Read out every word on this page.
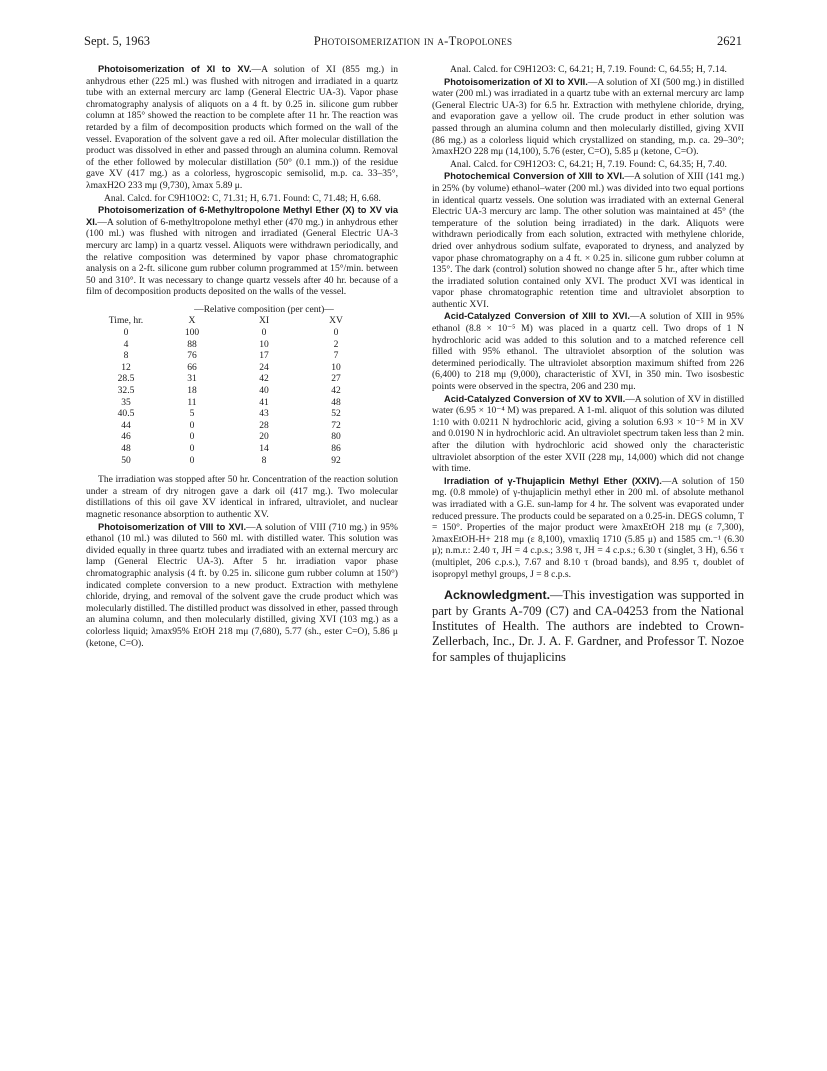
Sept. 5, 1963	Photoisomerization in α-Tropolones	2621

Photoisomerization of XI to XV.—A solution of XI (855 mg.) in anhydrous ether (225 ml.) was flushed with nitrogen and irradiated in a quartz tube with an external mercury arc lamp (General Electric UA-3). Vapor phase chromatography analysis of aliquots on a 4 ft. by 0.25 in. silicone gum rubber column at 185° showed the reaction to be complete after 11 hr. The reaction was retarded by a film of decomposition products which formed on the wall of the vessel. Evaporation of the solvent gave a red oil. After molecular distillation the product was dissolved in ether and passed through an alumina column. Removal of the ether followed by molecular distillation (50° (0.1 mm.)) of the residue gave XV (417 mg.) as a colorless, hygroscopic semisolid, m.p. ca. 33–35°, λmaxH2O 233 mμ (9,730), λmax 5.89 μ.

Anal. Calcd. for C9H10O2: C, 71.31; H, 6.71. Found: C, 71.48; H, 6.68.

Photoisomerization of 6-Methyltropolone Methyl Ether (X) to XV via XI.—A solution of 6-methyltropolone methyl ether (470 mg.) in anhydrous ether (100 ml.) was flushed with nitrogen and irradiated (General Electric UA-3 mercury arc lamp) in a quartz vessel. Aliquots were withdrawn periodically, and the relative composition was determined by vapor phase chromatographic analysis on a 2-ft. silicone gum rubber column programmed at 15°/min. between 50 and 310°. It was necessary to change quartz vessels after 40 hr. because of a film of decomposition products deposited on the walls of the vessel.

	—Relative composition (per cent)—		
Time, hr.	X	XI	XV
0	100	0	0
4	88	10	2
8	76	17	7
12	66	24	10
28.5	31	42	27
32.5	18	40	42
35	11	41	48
40.5	5	43	52
44	0	28	72
46	0	20	80
48	0	14	86
50	0	8	92

The irradiation was stopped after 50 hr. Concentration of the reaction solution under a stream of dry nitrogen gave a dark oil (417 mg.). Two molecular distillations of this oil gave XV identical in infrared, ultraviolet, and nuclear magnetic resonance absorption to authentic XV.

Photoisomerization of VIII to XVI.—A solution of VIII (710 mg.) in 95% ethanol (10 ml.) was diluted to 560 ml. with distilled water. This solution was divided equally in three quartz tubes and irradiated with an external mercury arc lamp (General Electric UA-3). After 5 hr. irradiation vapor phase chromatographic analysis (4 ft. by 0.25 in. silicone gum rubber column at 150°) indicated complete conversion to a new product. Extraction with methylene chloride, drying, and removal of the solvent gave the crude product which was molecularly distilled. The distilled product was dissolved in ether, passed through an alumina column, and then molecularly distilled, giving XVI (103 mg.) as a colorless liquid; λmax95% EtOH 218 mμ (7,680), 5.77 (sh., ester C=O), 5.86 μ (ketone, C=O).

Anal. Calcd. for C9H12O3: C, 64.21; H, 7.19. Found: C, 64.55; H, 7.14.

Photoisomerization of XI to XVII.—A solution of XI (500 mg.) in distilled water (200 ml.) was irradiated in a quartz tube with an external mercury arc lamp (General Electric UA-3) for 6.5 hr. Extraction with methylene chloride, drying, and evaporation gave a yellow oil. The crude product in ether solution was passed through an alumina column and then molecularly distilled, giving XVII (86 mg.) as a colorless liquid which crystallized on standing, m.p. ca. 29–30°; λmaxH2O 228 mμ (14,100), 5.76 (ester, C=O), 5.85 μ (ketone, C=O).

Anal. Calcd. for C9H12O3: C, 64.21; H, 7.19. Found: C, 64.35; H, 7.40.

Photochemical Conversion of XIII to XVI.—A solution of XIII (141 mg.) in 25% (by volume) ethanol–water (200 ml.) was divided into two equal portions in identical quartz vessels. One solution was irradiated with an external General Electric UA-3 mercury arc lamp. The other solution was maintained at 45° (the temperature of the solution being irradiated) in the dark. Aliquots were withdrawn periodically from each solution, extracted with methylene chloride, dried over anhydrous sodium sulfate, evaporated to dryness, and analyzed by vapor phase chromatography on a 4 ft. × 0.25 in. silicone gum rubber column at 135°. The dark (control) solution showed no change after 5 hr., after which time the irradiated solution contained only XVI. The product XVI was identical in vapor phase chromatographic retention time and ultraviolet absorption to authentic XVI.

Acid-Catalyzed Conversion of XIII to XVI.—A solution of XIII in 95% ethanol (8.8 × 10⁻⁵ M) was placed in a quartz cell. Two drops of 1 N hydrochloric acid was added to this solution and to a matched reference cell filled with 95% ethanol. The ultraviolet absorption of the solution was determined periodically. The ultraviolet absorption maximum shifted from 226 (6,400) to 218 mμ (9,000), characteristic of XVI, in 350 min. Two isosbestic points were observed in the spectra, 206 and 230 mμ.

Acid-Catalyzed Conversion of XV to XVII.—A solution of XV in distilled water (6.95 × 10⁻⁴ M) was prepared. A 1-ml. aliquot of this solution was diluted 1:10 with 0.0211 N hydrochloric acid, giving a solution 6.93 × 10⁻⁵ M in XV and 0.0190 N in hydrochloric acid. An ultraviolet spectrum taken less than 2 min. after the dilution with hydrochloric acid showed only the characteristic ultraviolet absorption of the ester XVII (228 mμ, 14,000) which did not change with time.

Irradiation of γ-Thujaplicin Methyl Ether (XXIV).—A solution of 150 mg. (0.8 mmole) of γ-thujaplicin methyl ether in 200 ml. of absolute methanol was irradiated with a G.E. sun-lamp for 4 hr. The solvent was evaporated under reduced pressure. The products could be separated on a 0.25-in. DEGS column, T = 150°. Properties of the major product were λmaxEtOH 218 mμ (ε 7,300), λmaxEtOH-H+ 218 mμ (ε 8,100), νmaxliq 1710 (5.85 μ) and 1585 cm.⁻¹ (6.30 μ); n.m.r.: 2.40 τ, JH = 4 c.p.s.; 3.98 τ, JH = 4 c.p.s.; 6.30 τ (singlet, 3 H), 6.56 τ (multiplet, 206 c.p.s.), 7.67 and 8.10 τ (broad bands), and 8.95 τ, doublet of isopropyl methyl groups, J = 8 c.p.s.

Acknowledgment.—This investigation was supported in part by Grants A-709 (C7) and CA-04253 from the National Institutes of Health. The authors are indebted to Crown-Zellerbach, Inc., Dr. J. A. F. Gardner, and Professor T. Nozoe for samples of thujaplicins
